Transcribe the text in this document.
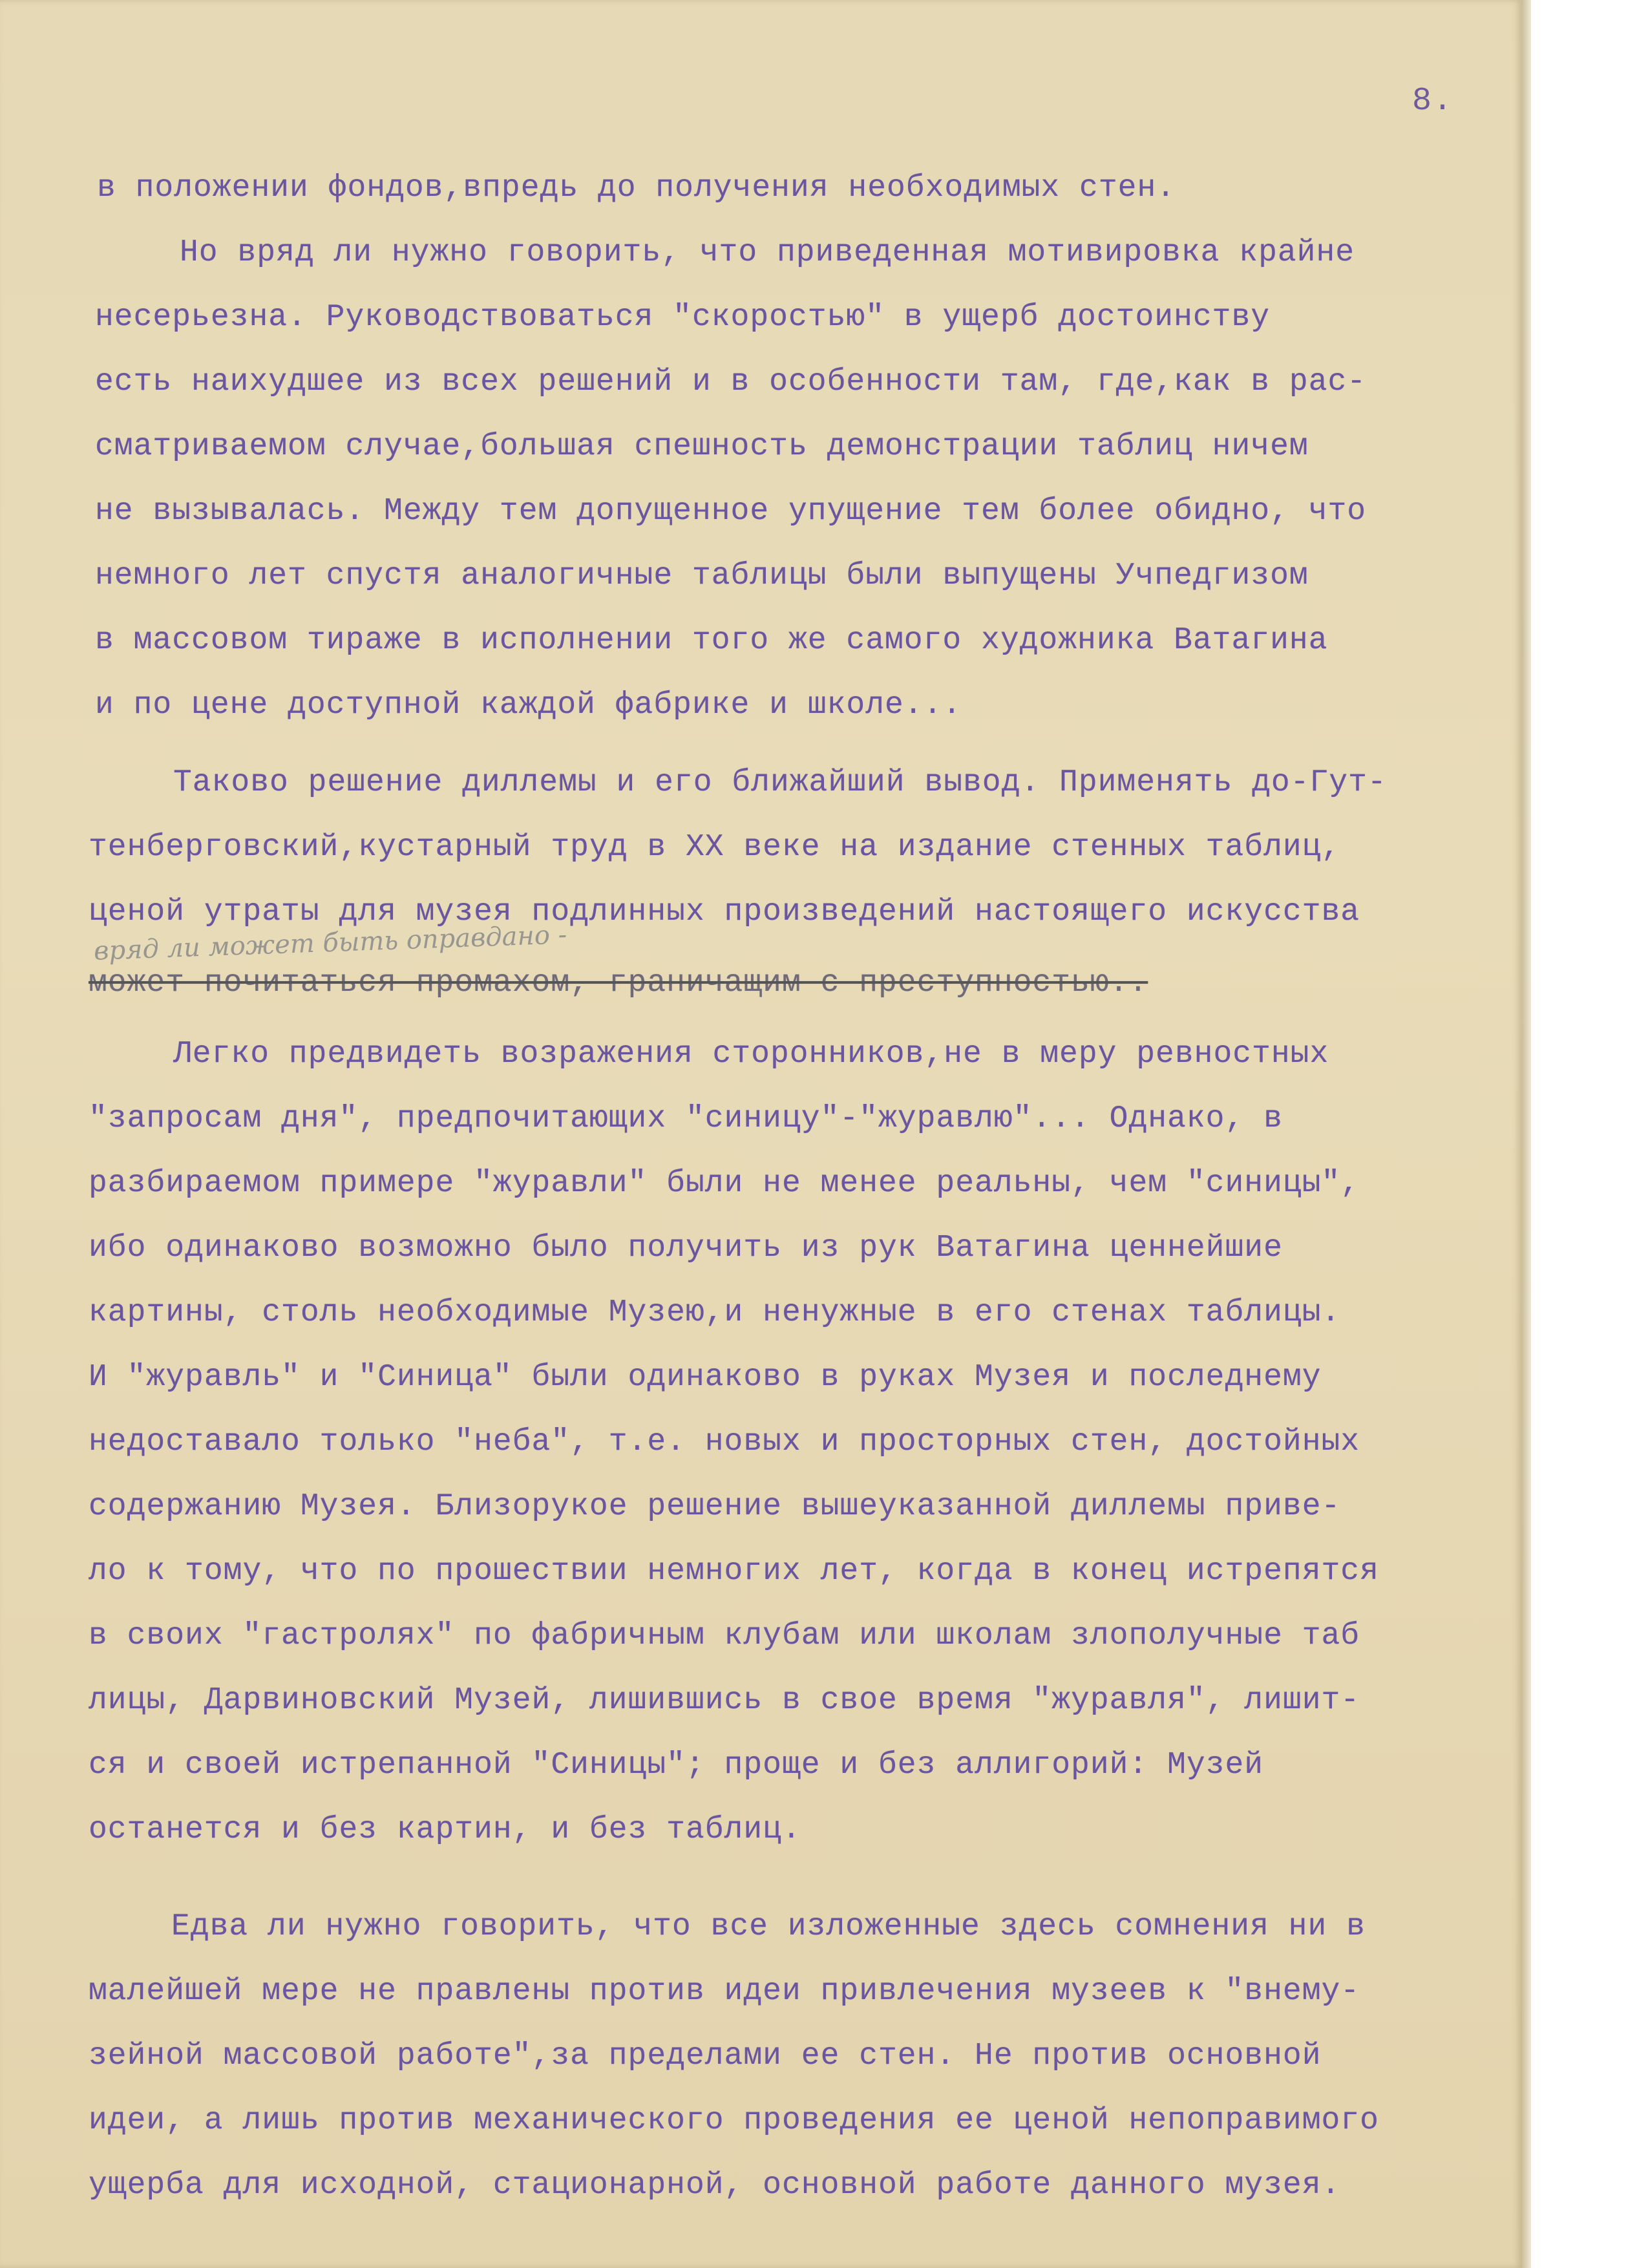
8.
в положении фондов,впредь до получения необходимых стен.
Но вряд ли нужно говорить, что приведенная мотивировка крайне
несерьезна. Руководствоваться "скоростью" в ущерб достоинству
есть наихудшее из всех решений и в особенности там, где,как в рас-
сматриваемом случае,большая спешность демонстрации таблиц ничем
не вызывалась. Между тем допущенное упущение тем более обидно, что
немного лет спустя аналогичные таблицы были выпущены Учпедгизом
в массовом тираже в исполнении того же самого художника Ватагина
и по цене доступной каждой фабрике и школе...
Таково решение диллемы и его ближайший вывод. Применять до-Гут-
тенберговский,кустарный труд в XX веке на издание стенных таблиц,
ценой утраты для музея подлинных произведений настоящего искусства
может почитаться промахом, граничащим с преступностью..
Легко предвидеть возражения сторонников,не в меру ревностных
"запросам дня", предпочитающих "синицу"-"журавлю"... Однако, в
разбираемом примере "журавли" были не менее реальны, чем "синицы",
ибо одинаково возможно было получить из рук Ватагина ценнейшие
картины, столь необходимые Музею,и ненужные в его стенах таблицы.
И "журавль" и "Синица" были одинаково в руках Музея и последнему
недоставало только "неба", т.е. новых и просторных стен, достойных
содержанию Музея. Близорукое решение вышеуказанной диллемы приве-
ло к тому, что по прошествии немногих лет, когда в конец истрепятся
в своих "гастролях" по фабричным клубам или школам злополучные таб
лицы, Дарвиновский Музей, лишившись в свое время "журавля", лишит-
ся и своей истрепанной "Синицы"; проще и без аллигорий: Музей
останется и без картин, и без таблиц.
Едва ли нужно говорить, что все изложенные здесь сомнения ни в
малейшей мере не правлены против идеи привлечения музеев к "внему-
зейной массовой работе",за пределами ее стен. Не против основной
идеи, а лишь против механического проведения ее ценой непоправимого
ущерба для исходной, стационарной, основной работе данного музея.
вряд ли может быть оправдано -
